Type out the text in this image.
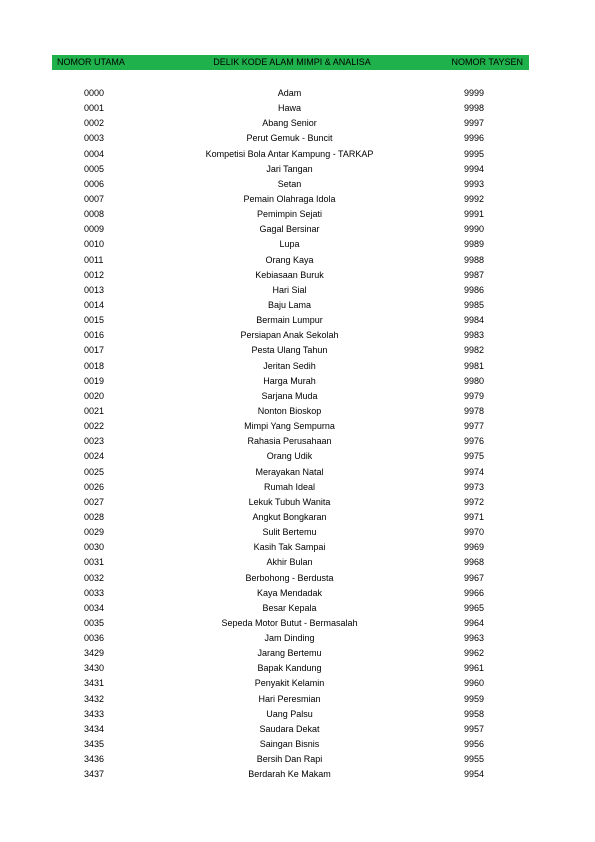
NOMOR UTAMA	DELIK KODE ALAM MIMPI & ANALISA	NOMOR TAYSEN
0000	Adam	9999
0001	Hawa	9998
0002	Abang Senior	9997
0003	Perut Gemuk - Buncit	9996
0004	Kompetisi Bola Antar Kampung - TARKAP	9995
0005	Jari Tangan	9994
0006	Setan	9993
0007	Pemain Olahraga Idola	9992
0008	Pemimpin Sejati	9991
0009	Gagal Bersinar	9990
0010	Lupa	9989
0011	Orang Kaya	9988
0012	Kebiasaan Buruk	9987
0013	Hari Sial	9986
0014	Baju Lama	9985
0015	Bermain Lumpur	9984
0016	Persiapan Anak Sekolah	9983
0017	Pesta Ulang Tahun	9982
0018	Jeritan Sedih	9981
0019	Harga Murah	9980
0020	Sarjana Muda	9979
0021	Nonton Bioskop	9978
0022	Mimpi Yang Sempurna	9977
0023	Rahasia Perusahaan	9976
0024	Orang Udik	9975
0025	Merayakan Natal	9974
0026	Rumah Ideal	9973
0027	Lekuk Tubuh Wanita	9972
0028	Angkut Bongkaran	9971
0029	Sulit Bertemu	9970
0030	Kasih Tak Sampai	9969
0031	Akhir Bulan	9968
0032	Berbohong - Berdusta	9967
0033	Kaya Mendadak	9966
0034	Besar Kepala	9965
0035	Sepeda Motor Butut - Bermasalah	9964
0036	Jam Dinding	9963
3429	Jarang Bertemu	9962
3430	Bapak Kandung	9961
3431	Penyakit Kelamin	9960
3432	Hari Peresmian	9959
3433	Uang Palsu	9958
3434	Saudara Dekat	9957
3435	Saingan Bisnis	9956
3436	Bersih Dan Rapi	9955
3437	Berdarah Ke Makam	9954
